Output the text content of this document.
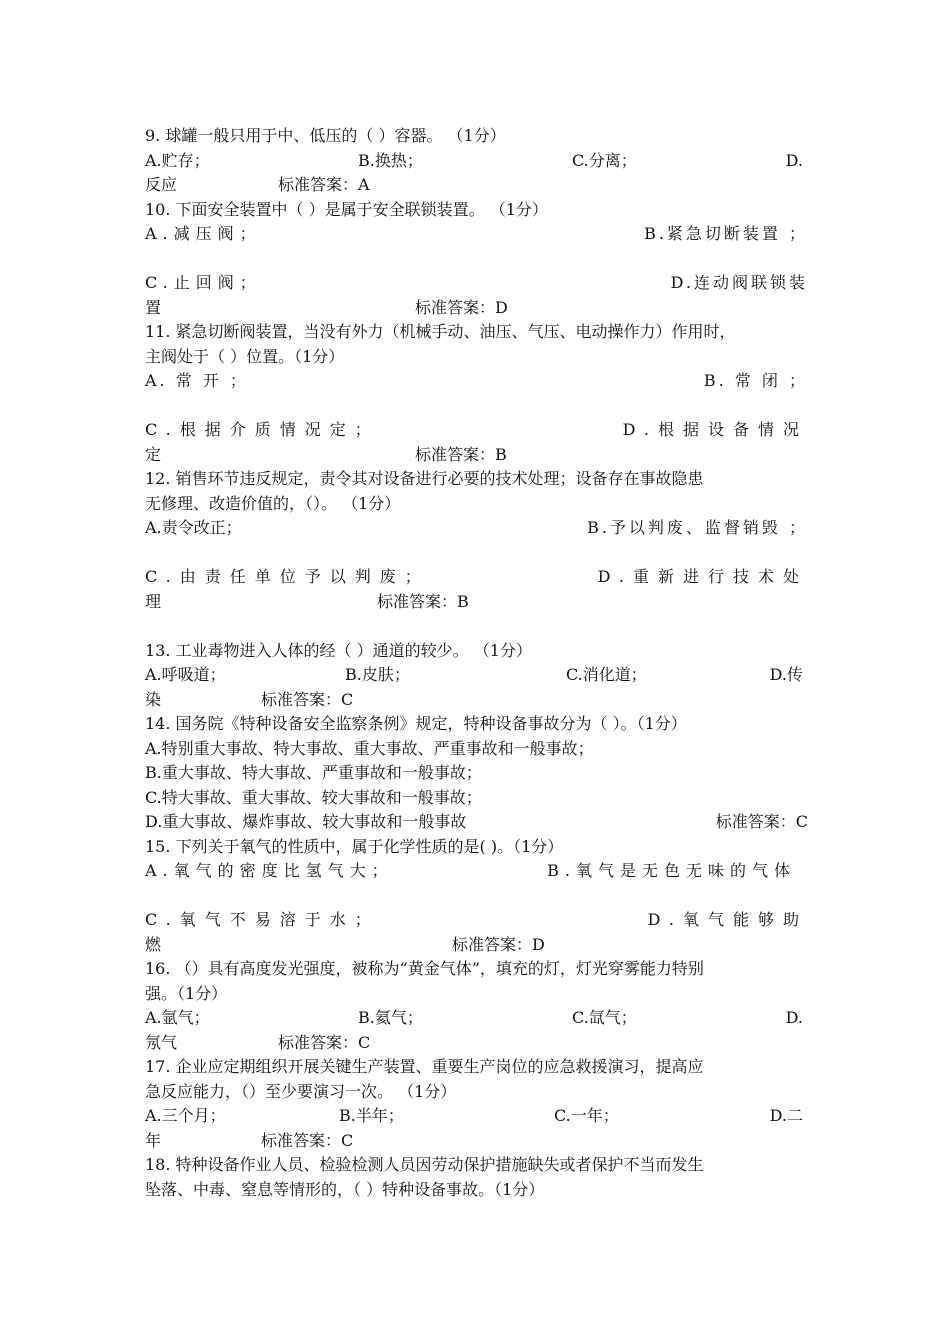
9. 球罐一般只用于中、低压的（ ）容器。 （1分）
A.贮存；	B.换热；	C.分离；	D.
反应	标准答案：A
10. 下面安全装置中（ ）是属于安全联锁装置。 （1分）
A.减压阀；	B.紧急切断装置 ；
C.止回阀；	D.连动阀联锁装
置	标准答案：D
11. 紧急切断阀装置，当没有外力（机械手动、油压、气压、电动操作力）作用时，
主阀处于（ ）位置。（1分）
A. 常 开 ；	B. 常 闭 ；
C.根据介质情况定；	D.根据设备情况
定	标准答案：B
12. 销售环节违反规定，责令其对设备进行必要的技术处理；设备存在事故隐患
无修理、改造价值的，（）。 （1分）
A.责令改正；	B.予以判废、监督销毁 ；
C.由责任单位予以判废；	D.重新进行技术处
理	标准答案：B
13. 工业毒物进入人体的经（ ）通道的较少。 （1分）
A.呼吸道；	B.皮肤；	C.消化道；	D.传
染	标准答案：C
14. 国务院《特种设备安全监察条例》规定，特种设备事故分为（ ）。（1分）
A.特别重大事故、特大事故、重大事故、严重事故和一般事故；
B.重大事故、特大事故、严重事故和一般事故；
C.特大事故、重大事故、较大事故和一般事故；
D.重大事故、爆炸事故、较大事故和一般事故	标准答案：C
15. 下列关于氧气的性质中，属于化学性质的是( )。（1分）
A.氧气的密度比氢气大；	B.氧气是无色无味的气体
C.氧气不易溶于水；	D.氧气能够助
燃	标准答案：D
16. （）具有高度发光强度，被称为“黄金气体”，填充的灯，灯光穿雾能力特别
强。（1分）
A.氩气；	B.氦气；	C.氙气；	D.
氖气	标准答案：C
17. 企业应定期组织开展关键生产装置、重要生产岗位的应急救援演习，提高应
急反应能力，（）至少要演习一次。 （1分）
A.三个月；	B.半年；	C.一年；	D.二
年	标准答案：C
18. 特种设备作业人员、检验检测人员因劳动保护措施缺失或者保护不当而发生
坠落、中毒、窒息等情形的，（ ）特种设备事故。（1分）
